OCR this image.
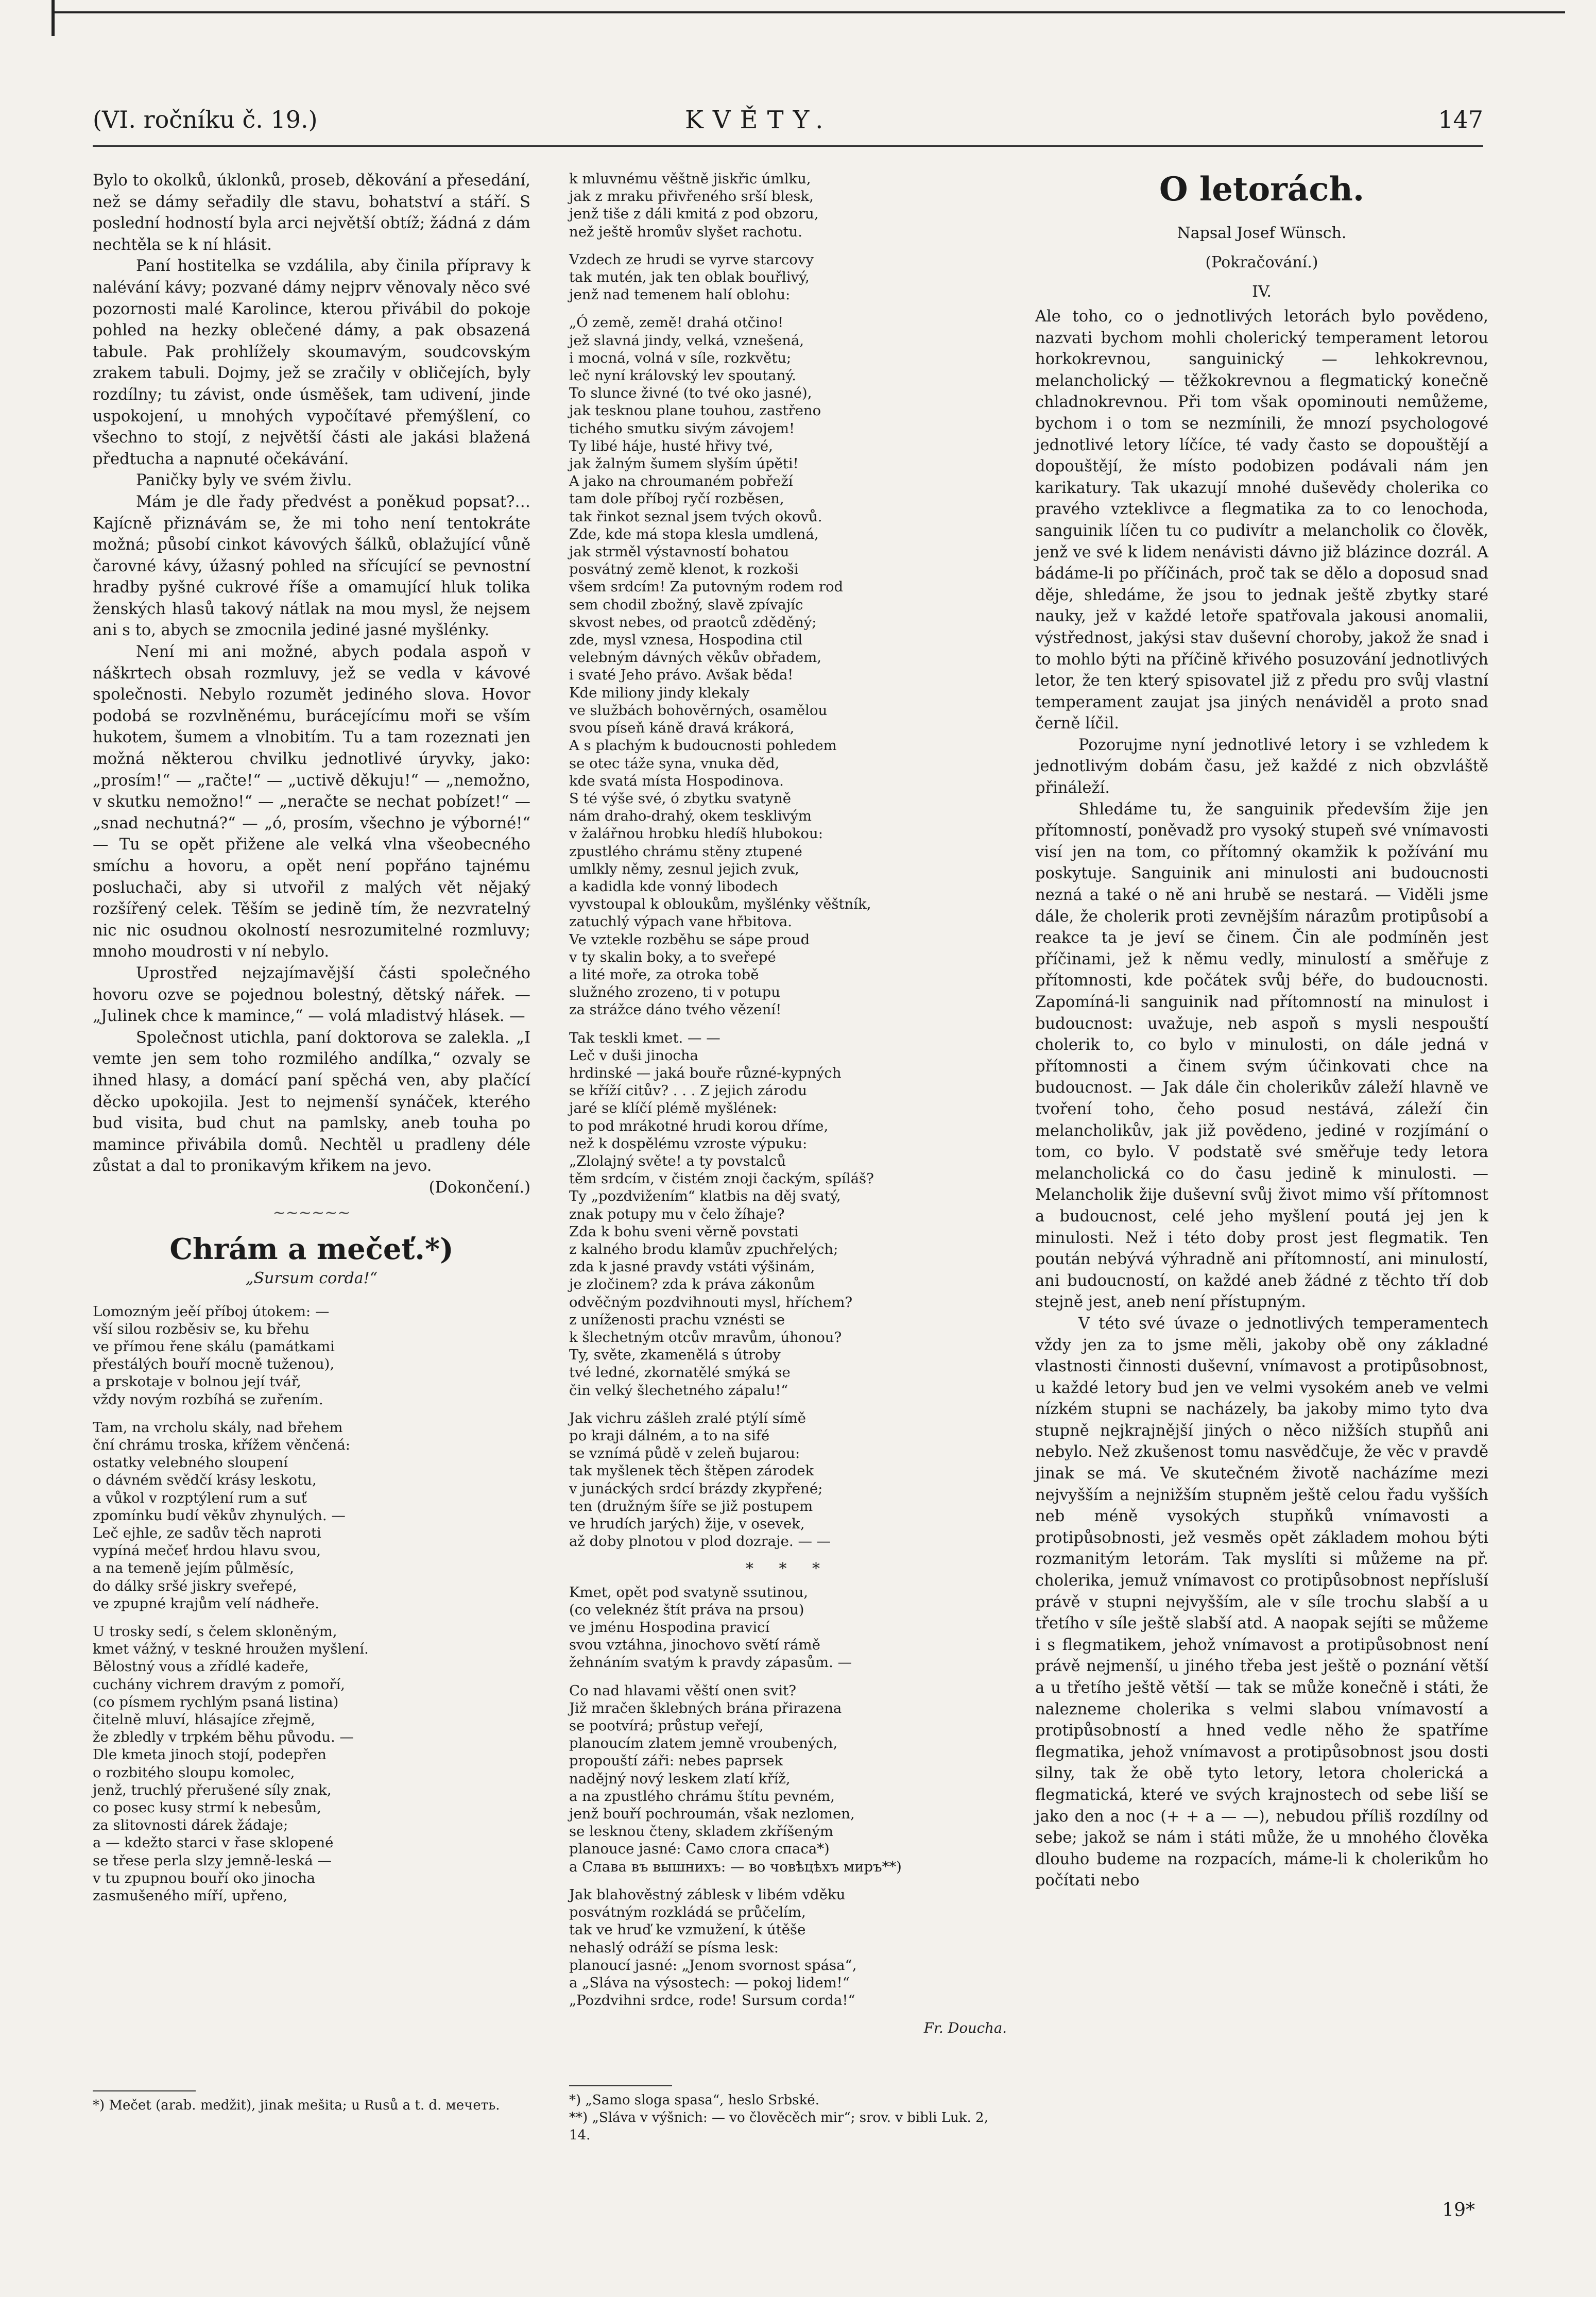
(VI. ročníku č. 19.)	KVĚTY.	147

Bylo to okolků, úklonků, proseb, děkování a přesedání, než se dámy seřadily dle stavu, bohatství a stáří. S poslední hodností byla arci největší obtíž; žádná z dám nechtěla se k ní hlásit.

Paní hostitelka se vzdálila, aby činila přípravy k nalévání kávy; pozvané dámy nejprv věnovaly něco své pozornosti malé Karolince, kterou přivábil do pokoje pohled na hezky oblečené dámy, a pak obsazená tabule. Pak prohlížely skoumavým, soudcovským zrakem tabuli. Dojmy, jež se zračily v obličejích, byly rozdílny; tu závist, onde úsměšek, tam udivení, jinde uspokojení, u mnohých vypočítavé přemýšlení, co všechno to stojí, z největší části ale jakási blažená předtucha a napnuté očekávání.

Paničky byly ve svém živlu.

Mám je dle řady předvést a poněkud popsat?… Kajícně přiznávám se, že mi toho není tentokráte možná; působí cinkot kávových šálků, oblažující vůně čarovné kávy, úžasný pohled na sřícující se pevnostní hradby pyšné cukrové říše a omamující hluk tolika ženských hlasů takový nátlak na mou mysl, že nejsem ani s to, abych se zmocnila jediné jasné myšlénky.

Není mi ani možné, abych podala aspoň v náškrtech obsah rozmluvy, jež se vedla v kávové společnosti. Nebylo rozumět jediného slova. Hovor podobá se rozvlněnému, burácejícímu moři se vším hukotem, šumem a vlnobitím. Tu a tam rozeznati jen možná některou chvilku jednotlivé úryvky, jako: „prosím!“ — „račte!“ — „uctivě děkuju!“ — „nemožno, v skutku nemožno!“ — „neračte se nechat pobízet!“ — „snad nechutná?“ — „ó, prosím, všechno je výborné!“ — Tu se opět přižene ale velká vlna všeobecného smíchu a hovoru, a opět není popřáno tajnému posluchači, aby si utvořil z malých vět nějaký rozšířený celek. Těším se jedině tím, že nezvratelný nic nic osudnou okolností nesrozumitelné rozmluvy; mnoho moudrosti v ní nebylo.

Uprostřed nejzajímavější části společného hovoru ozve se pojednou bolestný, dětský nářek. — „Julinek chce k mamince,“ — volá mladistvý hlásek. —

Společnost utichla, paní doktorova se zalekla. „I vemte jen sem toho rozmilého andílka,“ ozvaly se ihned hlasy, a domácí paní spěchá ven, aby plačící děcko upokojila. Jest to nejmenší synáček, kterého bud visita, bud chut na pamlsky, aneb touha po mamince přivábila domů. Nechtěl u pradleny déle zůstat a dal to pronikavým křikem na jevo.

(Dokončení.)

~~~~~~
Chrám a mečeť.*)
„Sursum corda!“
Lomozným jeěí příboj útokem: —
vší silou rozběsiv se, ku břehu
ve přímou řene skálu (památkami
přestálých bouří mocně tuženou),
a prskotaje v bolnou její tvář,
vždy novým rozbíhá se zuřením.
Tam, na vrcholu skály, nad břehem
ční chrámu troska, křížem věnčená:
ostatky velebného sloupení
o dávném svědčí krásy leskotu,
a vůkol v rozptýlení rum a suť
zpomínku budí věkův zhynulých. —
Leč ejhle, ze sadův těch naproti
vypíná mečeť hrdou hlavu svou,
a na temeně jejím půlměsíc,
do dálky sršé jiskry sveřepé,
ve zpupné krajům velí nádheře.
U trosky sedí, s čelem skloněným,
kmet vážný, v teskné hroužen myšlení.
Bělostný vous a zřídlé kadeře,
cuchány vichrem dravým z pomoří,
(co písmem rychlým psaná listina)
čitelně mluví, hlásajíce zřejmě,
že zbledly v trpkém běhu původu. —
Dle kmeta jinoch stojí, podepřen
o rozbitého sloupu komolec,
jenž, truchlý přerušené síly znak,
co posec kusy strmí k nebesům,
za slitovnosti dárek žádaje;
a — kdežto starci v řase sklopené
se třese perla slzy jemně-leská —
v tu zpupnou bouří oko jinocha
zasmušeného míří, upřeno,
*) Mečet (arab. medžit), jinak mešita; u Rusů a t. d. мечеть.
k mluvnému věštně jiskřic úmlku,
jak z mraku přivřeného srší blesk,
jenž tiše z dáli kmitá z pod obzoru,
než ještě hromův slyšet rachotu.
Vzdech ze hrudi se vyrve starcovy
tak mutén, jak ten oblak bouřlivý,
jenž nad temenem halí oblohu:
„Ó země, země! drahá otčino!
jež slavná jindy, velká, vznešená,
i mocná, volná v síle, rozkvětu;
leč nyní královský lev spoutaný.
To slunce živné (to tvé oko jasné),
jak tesknou plane touhou, zastřeno
tichého smutku sivým závojem!
Ty libé háje, husté hřivy tvé,
jak žalným šumem slyším úpěti!
A jako na chroumaném pobřeží
tam dole příboj ryčí rozběsen,
tak řinkot seznal jsem tvých okovů.
Zde, kde má stopa klesla umdlená,
jak strměl výstavností bohatou
posvátný země klenot, k rozkoši
všem srdcím! Za putovným rodem rod
sem chodil zbožný, slavě zpívajíc
skvost nebes, od praotců zděděný;
zde, mysl vznesa, Hospodina ctil
velebným dávných věkův obřadem,
i svaté Jeho právo. Avšak běda!
Kde miliony jindy klekaly
ve službách bohověrných, osamělou
svou píseň káně dravá krákorá,
A s plachým k budoucnosti pohledem
se otec táže syna, vnuka děd,
kde svatá místa Hospodinova.
S té výše své, ó zbytku svatyně
nám draho-drahý, okem tesklivým
v žalářnou hrobku hledíš hlubokou:
zpustlého chrámu stěny ztupené
umlkly němy, zesnul jejich zvuk,
a kadidla kde vonný libodech
vyvstoupal k obloukům, myšlénky věštník,
zatuchlý výpach vane hřbitova.
Ve vztekle rozběhu se sápe proud
v ty skalin boky, a to sveřepé
a lité moře, za otroka tobě
služného zrozeno, ti v potupu
za strážce dáno tvého vězení!
Tak teskli kmet. — —
Leč v duši jinocha
hrdinské — jaká bouře různé-kypných
se kříží citův? . . . Z jejich zárodu
jaré se klíčí plémě myšlének:
to pod mrákotné hrudi korou dříme,
než k dospělému vzroste výpuku:
„Zlolajný světe! a ty povstalců
těm srdcím, v čistém znoji čackým, spíláš?
Ty „pozdvižením“ klatbis na děj svatý,
znak potupy mu v čelo žíhaje?
Zda k bohu sveni věrně povstati
z kalného brodu klamův zpuchřelých;
zda k jasné pravdy vstáti výšinám,
je zločinem? zda k práva zákonům
odvěčným pozdvihnouti mysl, hříchem?
z uníženosti prachu vznésti se
k šlechetným otcův mravům, úhonou?
Ty, světe, zkamenělá s útroby
tvé ledné, zkornatělé smýká se
čin velký šlechetného zápalu!“
Jak vichru zášleh zralé ptýlí símě
po kraji dálném, a to na sifé
se vznímá půdě v zeleň bujarou:
tak myšlenek těch štěpen zárodek
v junáckých srdcí brázdy zkypřené;
ten (družným šíře se již postupem
ve hrudích jarých) žije, v osevek,
až doby plnotou v plod dozraje. — —
* * *
Kmet, opět pod svatyně ssutinou,
(co veleknéz štít práva na prsou)
ve jménu Hospodina pravicí
svou vztáhna, jinochovo světí rámě
žehnáním svatým k pravdy zápasům. —
Co nad hlavami věští onen svit?
Již mračen šklebných brána přirazena
se pootvírá; průstup veřejí,
planoucím zlatem jemně vroubených,
propouští záři: nebes paprsek
nadějný nový leskem zlatí kříž,
a na zpustlého chrámu štítu pevném,
jenž bouří pochroumán, však nezlomen,
se lesknou čteny, skladem zkříšeným
planouce jasné: Само слога спаса*)
a Слава въ вышнихъ: — во човѣцѣхъ миръ**)
Jak blahověstný záblesk v libém vděku
posvátným rozkládá se průčelím,
tak ve hruď ke vzmužení, k útěše
nehaslý odráží se písma lesk:
planoucí jasné: „Jenom svornost spása“,
a „Sláva na výsostech: — pokoj lidem!“
„Pozdvihni srdce, rode! Sursum corda!“
Fr. Doucha.
*) „Samo sloga spasa“, heslo Srbské.
**) „Sláva v výšnich: — vo člověcěch mir“; srov. v bibli Luk. 2, 14.
O letorách.
Napsal Josef Wünsch.
(Pokračování.)
IV.

Ale toho, co o jednotlivých letorách bylo povědeno, nazvati bychom mohli cholerický temperament letorou horkokrevnou, sanguinický — lehkokrevnou, melancholický — těžkokrevnou a flegmatický konečně chladnokrevnou. Při tom však opominouti nemůžeme, bychom i o tom se nezmínili, že mnozí psychologové jednotlivé letory líčíce, té vady často se dopouštějí a dopouštějí, že místo podobizen podávali nám jen karikatury. Tak ukazují mnohé duševědy cholerika co pravého vzteklivce a flegmatika za to co lenochoda, sanguinik líčen tu co pudivítr a melancholik co člověk, jenž ve své k lidem nenávisti dávno již blázince dozrál. A bádáme-li po příčinách, proč tak se dělo a doposud snad děje, shledáme, že jsou to jednak ještě zbytky staré nauky, jež v každé letoře spatřovala jakousi anomalii, výstřednost, jakýsi stav duševní choroby, jakož že snad i to mohlo býti na příčině křivého posuzování jednotlivých letor, že ten který spisovatel již z předu pro svůj vlastní temperament zaujat jsa jiných nenáviděl a proto snad černě líčil.

Pozorujme nyní jednotlivé letory i se vzhledem k jednotlivým dobám času, jež každé z nich obzvláště přináleží.

Shledáme tu, že sanguinik především žije jen přítomností, poněvadž pro vysoký stupeň své vnímavosti visí jen na tom, co přítomný okamžik k požívání mu poskytuje. Sanguinik ani minulosti ani budoucnosti nezná a také o ně ani hrubě se nestará. — Viděli jsme dále, že cholerik proti zevnějším nárazům protipůsobí a reakce ta je jeví se činem. Čin ale podmíněn jest příčinami, jež k němu vedly, minulostí a směřuje z přítomnosti, kde počátek svůj béře, do budoucnosti. Zapomíná-li sanguinik nad přítomností na minulost i budoucnost: uvažuje, neb aspoň s mysli nespouští cholerik to, co bylo v minulosti, on dále jedná v přítomnosti a činem svým účinkovati chce na budoucnost. — Jak dále čin cholerikův záleží hlavně ve tvoření toho, čeho posud nestává, záleží čin melancholikův, jak již povědeno, jediné v rozjímání o tom, co bylo. V podstatě své směřuje tedy letora melancholická co do času jedině k minulosti. — Melancholik žije duševní svůj život mimo vší přítomnost a budoucnost, celé jeho myšlení poutá jej jen k minulosti. Než i této doby prost jest flegmatik. Ten poután nebývá výhradně ani přítomností, ani minulostí, ani budoucností, on každé aneb žádné z těchto tří dob stejně jest, aneb není přístupným.

V této své úvaze o jednotlivých temperamentech vždy jen za to jsme měli, jakoby obě ony základné vlastnosti činnosti duševní, vnímavost a protipůsobnost, u každé letory bud jen ve velmi vysokém aneb ve velmi nízkém stupni se nacházely, ba jakoby mimo tyto dva stupně nejkrajnější jiných o něco nižších stupňů ani nebylo. Než zkušenost tomu nasvědčuje, že věc v pravdě jinak se má. Ve skutečném životě nacházíme mezi nejvyšším a nejnižším stupněm ještě celou řadu vyšších neb méně vysokých stupňků vnímavosti a protipůsobnosti, jež vesměs opět základem mohou býti rozmanitým letorám. Tak myslíti si můžeme na př. cholerika, jemuž vnímavost co protipůsobnost nepřísluší právě v stupni nejvyšším, ale v síle trochu slabší a u třetího v síle ještě slabší atd. A naopak sejíti se můžeme i s flegmatikem, jehož vnímavost a protipůsobnost není právě nejmenší, u jiného třeba jest ještě o poznání větší a u třetího ještě větší — tak se může konečně i státi, že nalezneme cholerika s velmi slabou vnímavostí a protipůsobností a hned vedle něho že spatříme flegmatika, jehož vnímavost a protipůsobnost jsou dosti silny, tak že obě tyto letory, letora cholerická a flegmatická, které ve svých krajnostech od sebe liší se jako den a noc (+ + a — —), nebudou příliš rozdílny od sebe; jakož se nám i státi může, že u mnohého člověka dlouho budeme na rozpacích, máme-li k cholerikům ho počítati nebo

19*
